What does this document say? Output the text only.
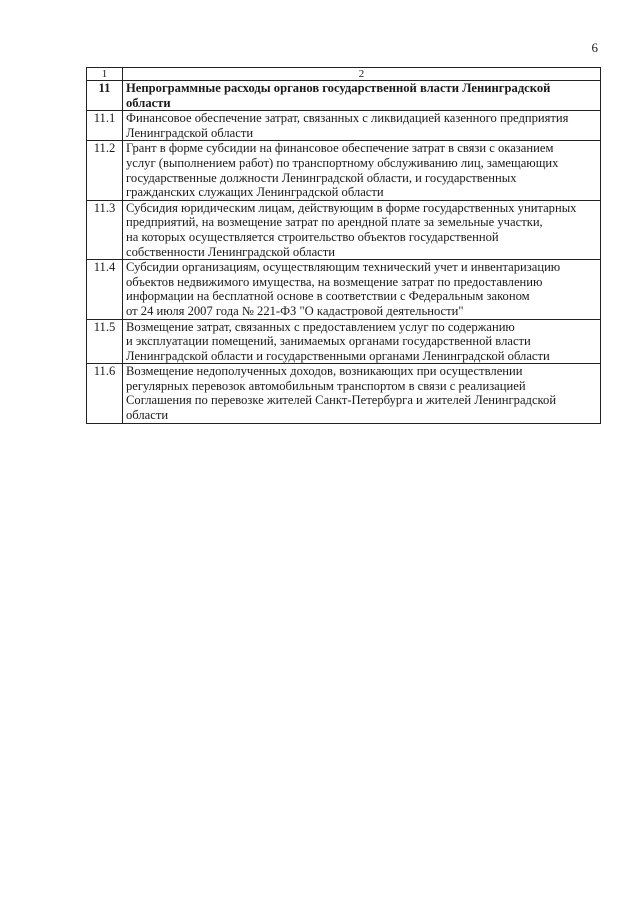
6
1	2
11	Непрограммные расходы органов государственной власти Ленинградской
области

11.1	Финансовое обеспечение затрат, связанных с ликвидацией казенного предприятия
Ленинградской области

11.2	Грант в форме субсидии на финансовое обеспечение затрат в связи с оказанием
услуг (выполнением работ) по транспортному обслуживанию лиц, замещающих
государственные должности Ленинградской области, и государственных
гражданских служащих Ленинградской области

11.3	Субсидия юридическим лицам, действующим в форме государственных унитарных
предприятий, на возмещение затрат по арендной плате за земельные участки,
на которых осуществляется строительство объектов государственной
собственности Ленинградской области

11.4	Субсидии организациям, осуществляющим технический учет и инвентаризацию
объектов недвижимого имущества, на возмещение затрат по предоставлению
информации на бесплатной основе в соответствии с Федеральным законом
от 24 июля 2007 года № 221-ФЗ "О кадастровой деятельности"

11.5	Возмещение затрат, связанных с предоставлением услуг по содержанию
и эксплуатации помещений, занимаемых органами государственной власти
Ленинградской области и государственными органами Ленинградской области

11.6	Возмещение недополученных доходов, возникающих при осуществлении
регулярных перевозок автомобильным транспортом в связи с реализацией
Соглашения по перевозке жителей Санкт-Петербурга и жителей Ленинградской
области
